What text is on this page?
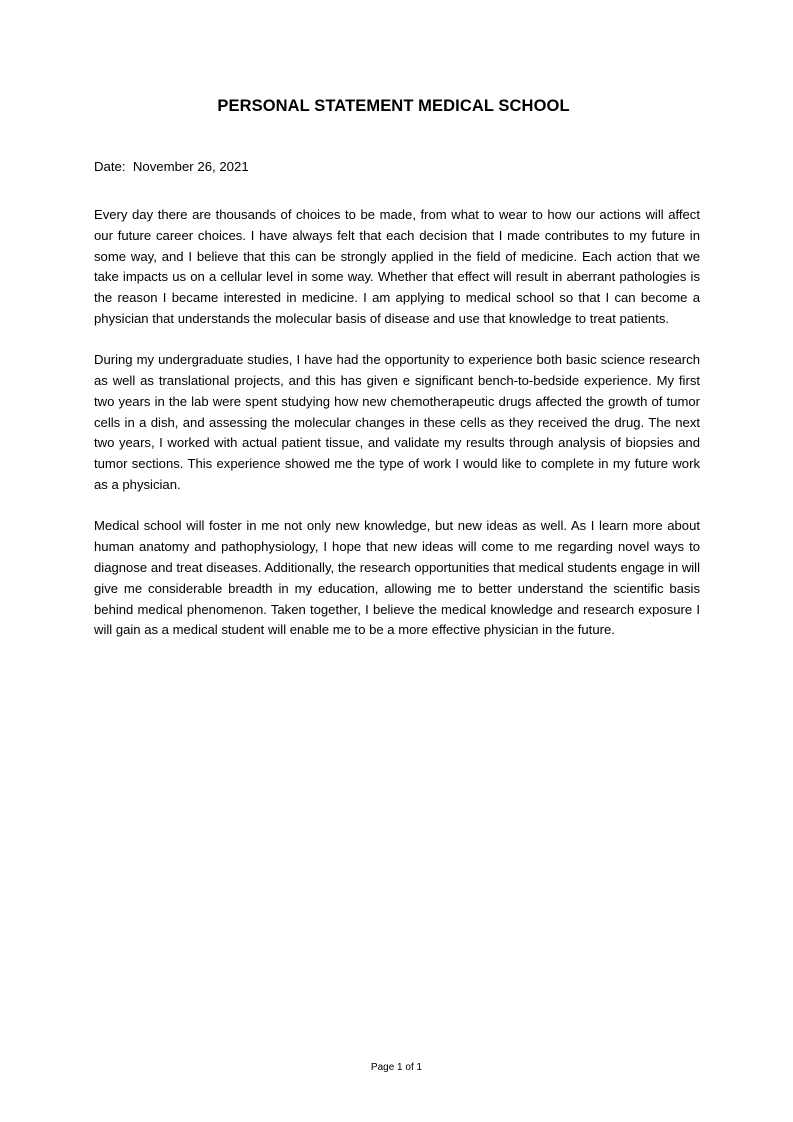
PERSONAL STATEMENT MEDICAL SCHOOL
Date: November 26, 2021

Every day there are thousands of choices to be made, from what to wear to how our actions will affect our future career choices. I have always felt that each decision that I made contributes to my future in some way, and I believe that this can be strongly applied in the field of medicine. Each action that we take impacts us on a cellular level in some way. Whether that effect will result in aberrant pathologies is the reason I became interested in medicine. I am applying to medical school so that I can become a physician that understands the molecular basis of disease and use that knowledge to treat patients.

During my undergraduate studies, I have had the opportunity to experience both basic science research as well as translational projects, and this has given e significant bench-to-bedside experience. My first two years in the lab were spent studying how new chemotherapeutic drugs affected the growth of tumor cells in a dish, and assessing the molecular changes in these cells as they received the drug. The next two years, I worked with actual patient tissue, and validate my results through analysis of biopsies and tumor sections. This experience showed me the type of work I would like to complete in my future work as a physician.

Medical school will foster in me not only new knowledge, but new ideas as well. As I learn more about human anatomy and pathophysiology, I hope that new ideas will come to me regarding novel ways to diagnose and treat diseases. Additionally, the research opportunities that medical students engage in will give me considerable breadth in my education, allowing me to better understand the scientific basis behind medical phenomenon. Taken together, I believe the medical knowledge and research exposure I will gain as a medical student will enable me to be a more effective physician in the future.

Page 1 of 1
